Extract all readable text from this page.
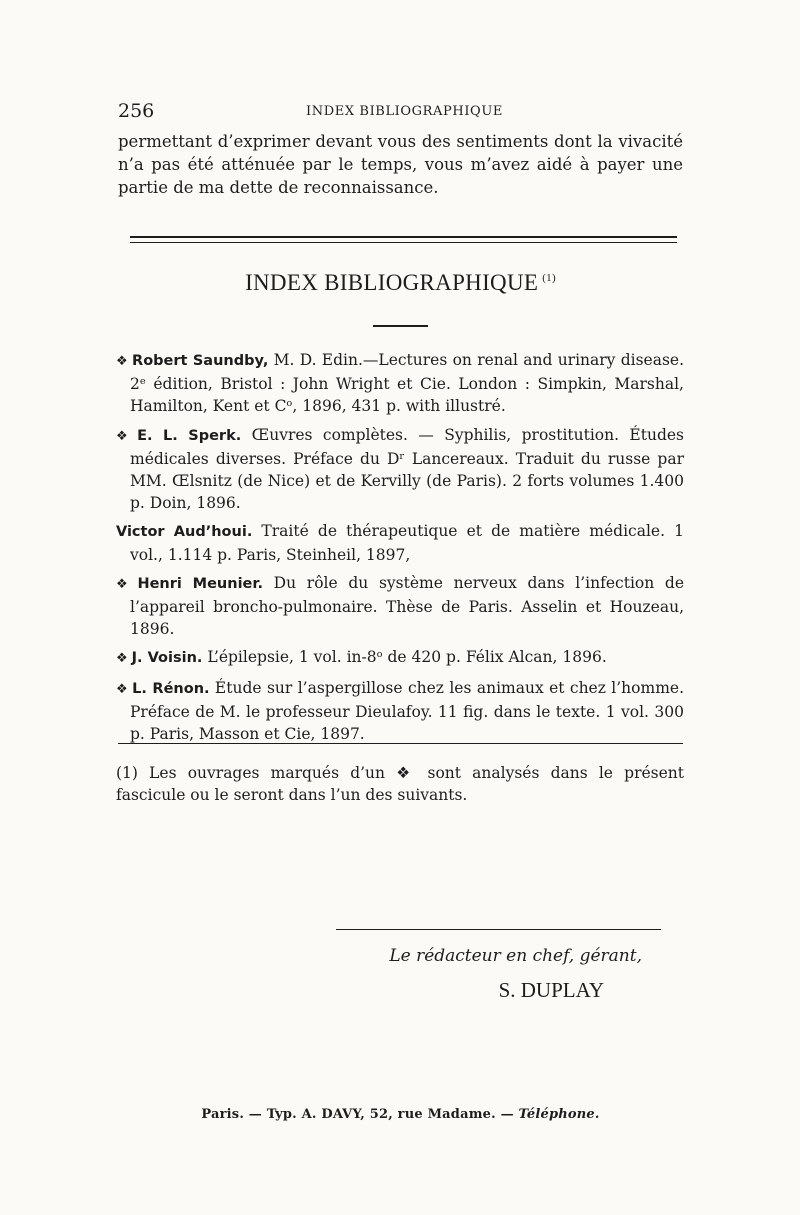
256	INDEX BIBLIOGRAPHIQUE

permettant d’exprimer devant vous des sentiments dont la vivacité n’a pas été atténuée par le temps, vous m’avez aidé à payer une partie de ma dette de reconnaissance.

INDEX BIBLIOGRAPHIQUE $^{(1)}$

❖ Robert Saundby, M. D. Edin.—Lectures on renal and urinary disease. 2ᵉ édition, Bristol : John Wright et Cie. London : Simpkin, Marshal, Hamilton, Kent et Cᵒ, 1896, 431 p. with illustré.

❖ E. L. Sperk. Œuvres complètes. — Syphilis, prostitution. Études médicales diverses. Préface du Dʳ Lancereaux. Traduit du russe par MM. Œlsnitz (de Nice) et de Kervilly (de Paris). 2 forts volumes 1.400 p. Doin, 1896.

Victor Aud’houi. Traité de thérapeutique et de matière médicale. 1 vol., 1.114 p. Paris, Steinheil, 1897,

❖ Henri Meunier. Du rôle du système nerveux dans l’infection de l’appareil broncho-pulmonaire. Thèse de Paris. Asselin et Houzeau, 1896.

❖ J. Voisin. L’épilepsie, 1 vol. in-8ᵒ de 420 p. Félix Alcan, 1896.

❖ L. Rénon. Étude sur l’aspergillose chez les animaux et chez l’homme. Préface de M. le professeur Dieulafoy. 11 fig. dans le texte. 1 vol. 300 p. Paris, Masson et Cie, 1897.

(1) Les ouvrages marqués d’un ❖ sont analysés dans le présent fascicule ou le seront dans l’un des suivants.

Le rédacteur en chef, gérant,
S. DUPLAY
Paris. — Typ. A. DAVY, 52, rue Madame. — Téléphone.
